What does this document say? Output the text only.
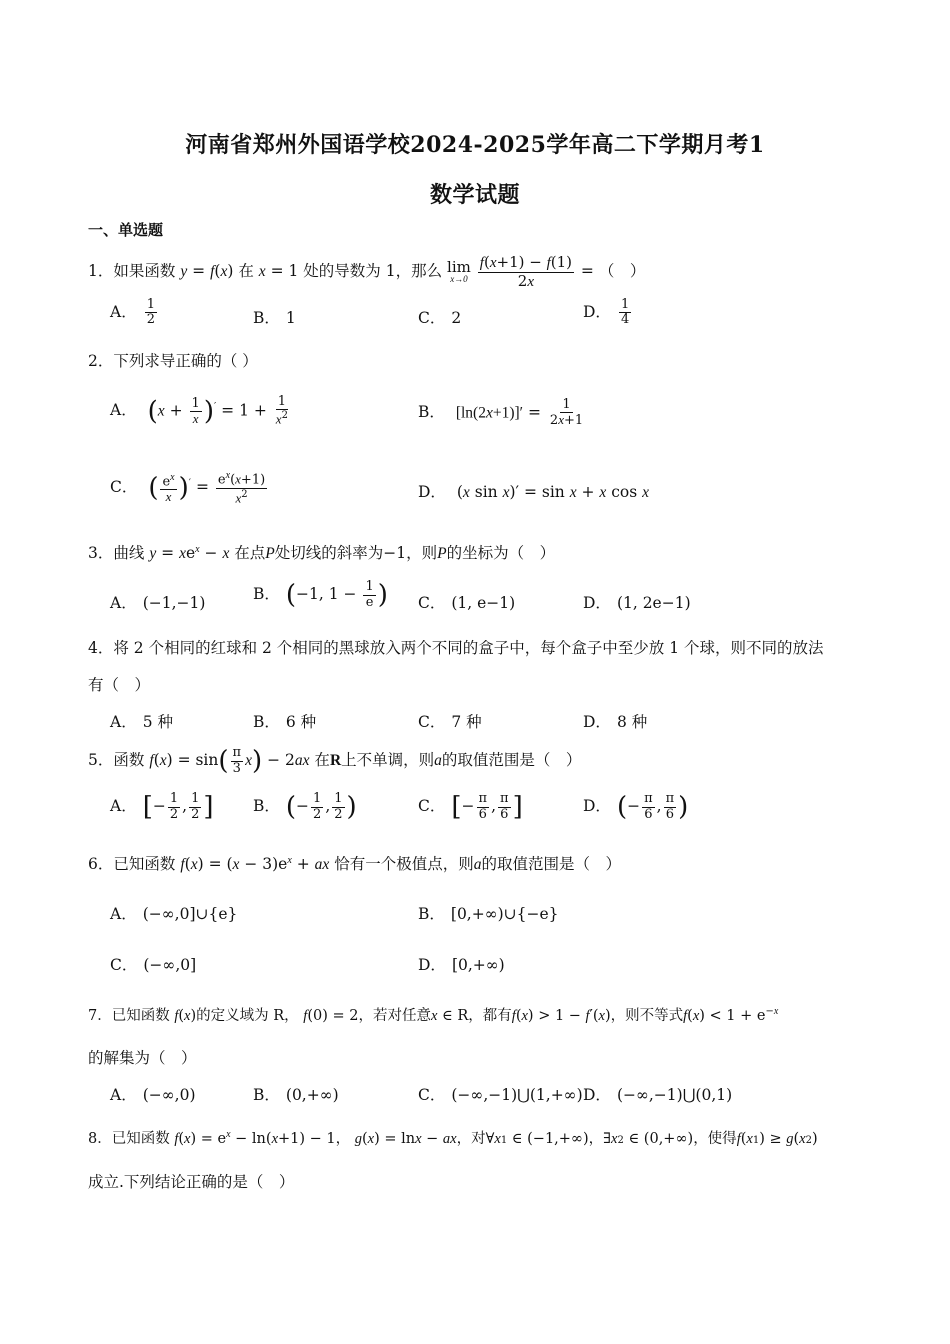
河南省郑州外国语学校2024-2025学年高二下学期月考1
数学试题
一、单选题
1．如果函数 y = f(x) 在 x = 1 处的导数为 1，那么 lim
x→0
$\frac{f(x+1) - f(1)}{2x}$ = （　）
A． $\frac{1}{2}$	B． 1	C． 2	D． $\frac{1}{4}$
2．下列求导正确的（ ）
A． $(x + \frac{1}{x} )' = 1 + \frac{1}{x^2}$	B． $[\ln(2x+1)]' = \frac{1}{2x+1}$
C． ( $\frac{e^x}{x} )' = \frac{e^x(x+1)}{x^2}$	D． (x sin x)′ = sin x + x cos x
3．曲线 $y = xe^x - x$ 在点P处切线的斜率为−1，则P的坐标为（　）
A． (−1,−1)	B． (−1, $1 - \frac{1}{e}$ ) C． (1, e−1)	D． (1, 2e−1)
4．将 2 个相同的红球和 2 个相同的黑球放入两个不同的盒子中，每个盒子中至少放 1 个球，则不同的放法
有（　）
A． 5 种	B． 6 种	C． 7 种	D． 8 种
5．函数 $f(x) = \sin( \frac{\pi}{3} x) - 2ax$ 在R上不单调，则a的取值范围是（　）
A． [− $\frac{1}{2}$ , $\frac{1}{2}$ ]	B． (− $\frac{1}{2}$ , $\frac{1}{2}$ )	C． [− $\frac{\pi}{6}$ , $\frac{\pi}{6}$ ]	D． (− $\frac{\pi}{6}$ , $\frac{\pi}{6}$ )
6．已知函数 $f(x) = (x - 3)e^x$ + ax 恰有一个极值点，则a的取值范围是（　）
A． (−∞,0]∪{e}	B． [0,+∞)∪{−e}
C． (−∞,0]	D． [0,+∞)
7．已知函数 f(x)的定义域为 R， f(0) = 2，若对任意x ∈ R，都有f(x) > 1 − f′(x)，则不等式$f(x) < 1 + e^{-x}$
的解集为（　）
A． (−∞,0)	B． (0,+∞)	C． (−∞,−1)⋃(1,+∞) D． (−∞,−1)⋃(0,1)
8．已知函数 $f(x) = e^x - \ln(x+1) - 1$， g(x) = lnx − ax，对∀x1 ∈ (−1,+∞)，∃x2 ∈ (0,+∞)，使得f(x1) ≥ g(x2)
成立.下列结论正确的是（　）
